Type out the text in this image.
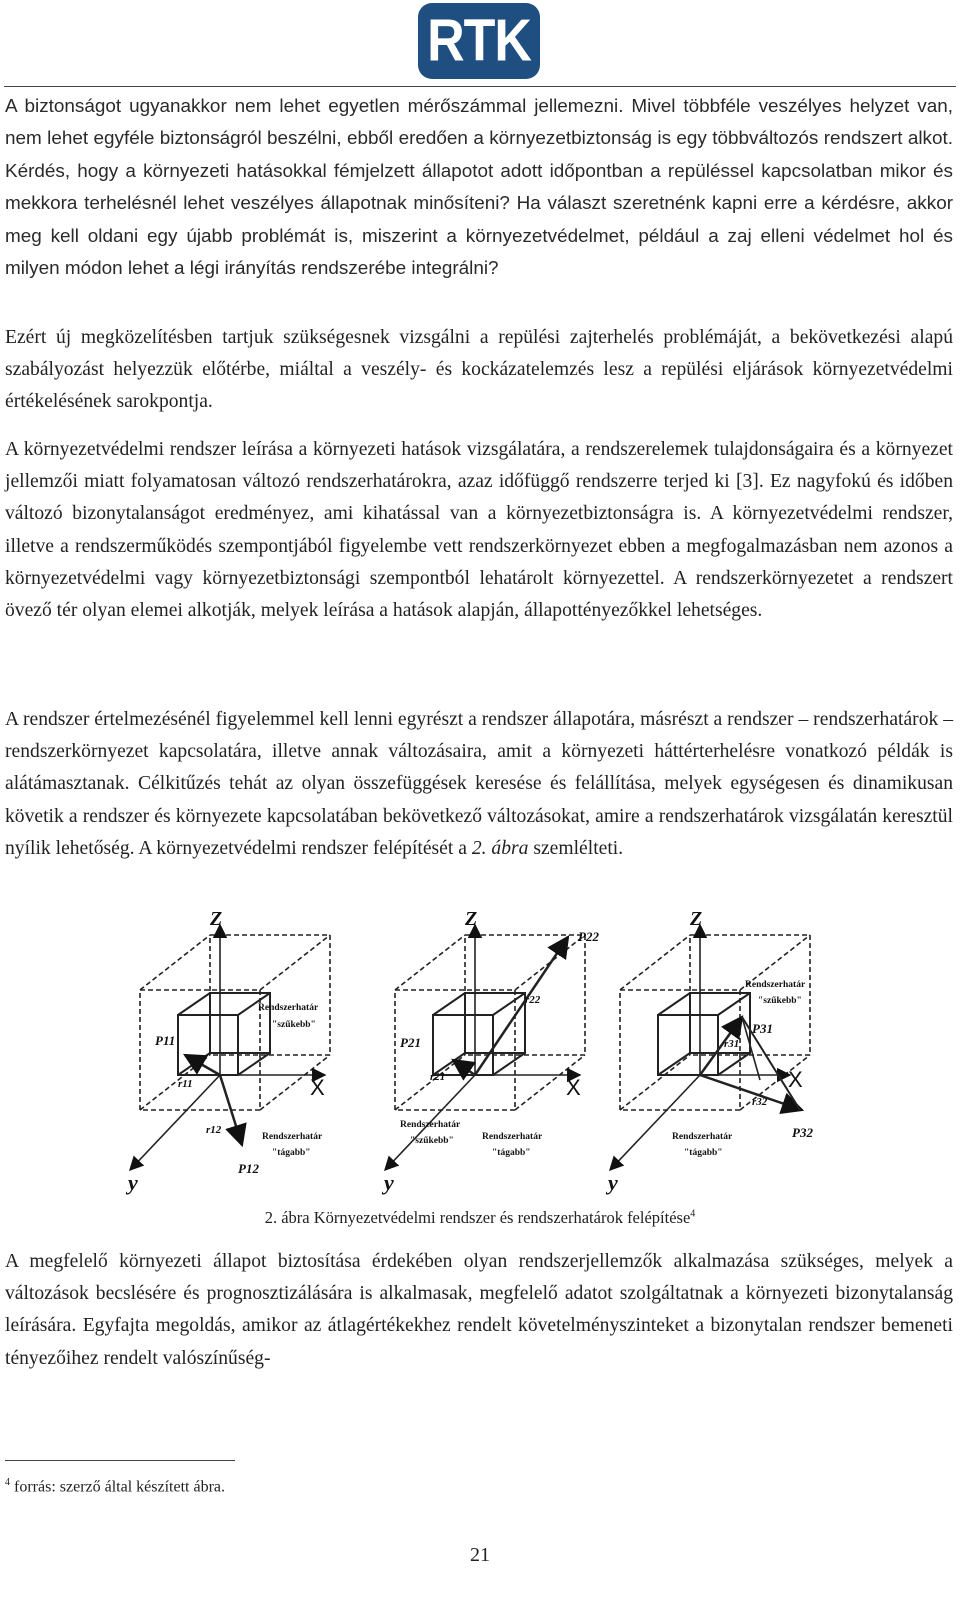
RTK

A biztonságot ugyanakkor nem lehet egyetlen mérőszámmal jellemezni. Mivel többféle veszélyes helyzet van, nem lehet egyféle biztonságról beszélni, ebből eredően a környezetbiztonság is egy többváltozós rendszert alkot. Kérdés, hogy a környezeti hatásokkal fémjelzett állapotot adott időpontban a repüléssel kapcsolatban mikor és mekkora terhelésnél lehet veszélyes állapotnak minősíteni? Ha választ szeretnénk kapni erre a kérdésre, akkor meg kell oldani egy újabb problémát is, miszerint a környezetvédelmet, például a zaj elleni védelmet hol és milyen módon lehet a légi irányítás rendszerébe integrálni?

Ezért új megközelítésben tartjuk szükségesnek vizsgálni a repülési zajterhelés problémáját, a bekövetkezési alapú szabályozást helyezzük előtérbe, miáltal a veszély- és kockázatelemzés lesz a repülési eljárások környezetvédelmi értékelésének sarokpontja.

A környezetvédelmi rendszer leírása a környezeti hatások vizsgálatára, a rendszerelemek tulajdonságaira és a környezet jellemzői miatt folyamatosan változó rendszerhatárokra, azaz időfüggő rendszerre terjed ki [3]. Ez nagyfokú és időben változó bizonytalanságot eredményez, ami kihatással van a környezetbiztonságra is. A környezetvédelmi rendszer, illetve a rendszerműködés szempontjából figyelembe vett rendszerkörnyezet ebben a megfogalmazásban nem azonos a környezetvédelmi vagy környezetbiztonsági szempontból lehatárolt környezettel. A rendszerkörnyezetet a rendszert övező tér olyan elemei alkotják, melyek leírása a hatások alapján, állapottényezőkkel lehetséges.

A rendszer értelmezésénél figyelemmel kell lenni egyrészt a rendszer állapotára, másrészt a rendszer – rendszerhatárok – rendszerkörnyezet kapcsolatára, illetve annak változásaira, amit a környezeti háttérterhelésre vonatkozó példák is alátámasztanak. Célkitűzés tehát az olyan összefüggések keresése és felállítása, melyek egységesen és dinamikusan követik a rendszer és környezete kapcsolatában bekövetkező változásokat, amire a rendszerhatárok vizsgálatán keresztül nyílik lehetőség. A környezetvédelmi rendszer felépítését a 2. ábra szemlélteti.

Z
X
y
P11
P12
r11
r12
Rendszerhatár
"szűkebb"
Rendszerhatár
"tágabb"
Z
X
y
P21
P22
r21
r22
Rendszerhatár
"szűkebb"	Rendszerhatár
"tágabb"
Z
X
y
P31
P32
r31
r32
Rendszerhatár
"szűkebb"
Rendszerhatár
"tágabb"
2. ábra Környezetvédelmi rendszer és rendszerhatárok felépítése$^4$

A megfelelő környezeti állapot biztosítása érdekében olyan rendszerjellemzők alkalmazása szükséges, melyek a változások becslésére és prognosztizálására is alkalmasak, megfelelő adatot szolgáltatnak a környezeti bizonytalanság leírására. Egyfajta megoldás, amikor az átlagértékekhez rendelt követelményszinteket a bizonytalan rendszer bemeneti tényezőihez rendelt valószínűség-

$^4$ forrás: szerző által készített ábra.
21
